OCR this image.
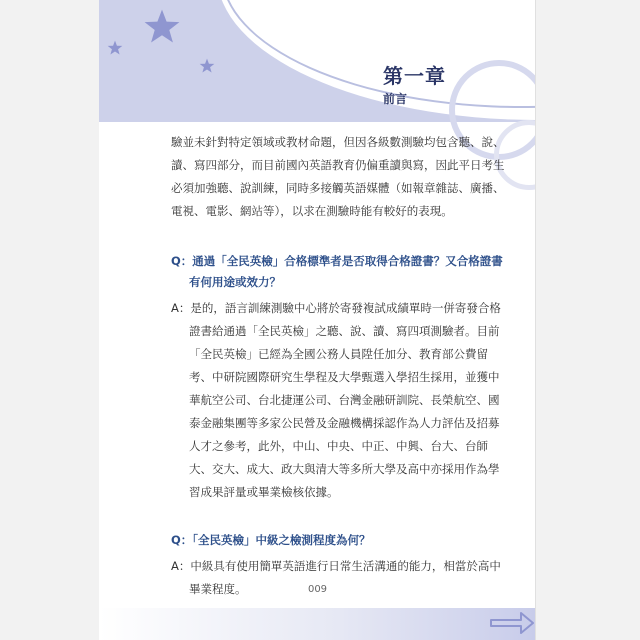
第一章
前言

驗並未針對特定領域或教材命題，但因各級數測驗均包含聽、說、讀、寫四部分，而目前國內英語教育仍偏重讀與寫，因此平日考生必須加強聽、說訓練，同時多接觸英語媒體（如報章雜誌、廣播、電視、電影、網站等），以求在測驗時能有較好的表現。

Q：通過「全民英檢」合格標準者是否取得合格證書？又合格證書有何用途或效力？

A：是的，語言訓練測驗中心將於寄發複試成績單時一併寄發合格證書給通過「全民英檢」之聽、說、讀、寫四項測驗者。目前「全民英檢」已經為全國公務人員陞任加分、教育部公費留考、中研院國際研究生學程及大學甄選入學招生採用，並獲中華航空公司、台北捷運公司、台灣金融研訓院、長榮航空、國泰金融集團等多家公民營及金融機構採認作為人力評估及招募人才之參考，此外，中山、中央、中正、中興、台大、台師大、交大、成大、政大與清大等多所大學及高中亦採用作為學習成果評量或畢業檢核依據。

Q：「全民英檢」中級之檢測程度為何？

A：中級具有使用簡單英語進行日常生活溝通的能力，相當於高中畢業程度。	009
